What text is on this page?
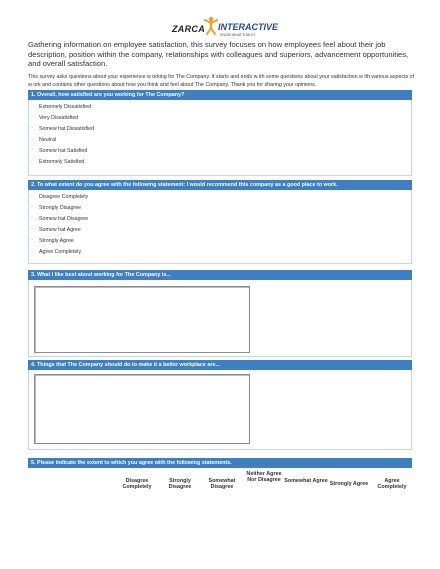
ZARCA INTERACTIVE
KNOW WHAT'S NEXT
Gathering information on employee satisfaction, this survey focuses on how employees feel about their job description, position within the company, relationships with colleagues and superiors, advancement opportunities, and overall satisfaction.
This survey asks questions about your experience w orking for The Company. It starts and ends w ith some questions about your satisfaction w ith various aspects of w ork and contains other questions about how you think and feel about The Company. Thank you for sharing your opinions.
1. Overall, how satisfied are you working for The Company?
▫ Extremely Dissatisfied
▫ Very Dissatisfied
▫ Somew hat Dissatisfied
▫ Neutral
▫ Somew hat Satisfied
▫ Extremely Satisfied
2. To what extent do you agree with the following statement: I would recommend this company as a good place to work.
▫ Disagree Completely
▫ Strongly Disagree
▫ Somew hat Disagree
▫ Somew hat Agree
▫ Strongly Agree
▫ Agree Completely
3. What I like best about working for The Company is...
4. Things that The Company should do to make it a better workplace are...
5. Please indicate the extent to which you agree with the following statements.
Disagree Completely
Strongly Disagree
Somewhat Disagree
Neither Agree Nor Disagree Somewhat Agree Strongly Agree	Agree Completely
